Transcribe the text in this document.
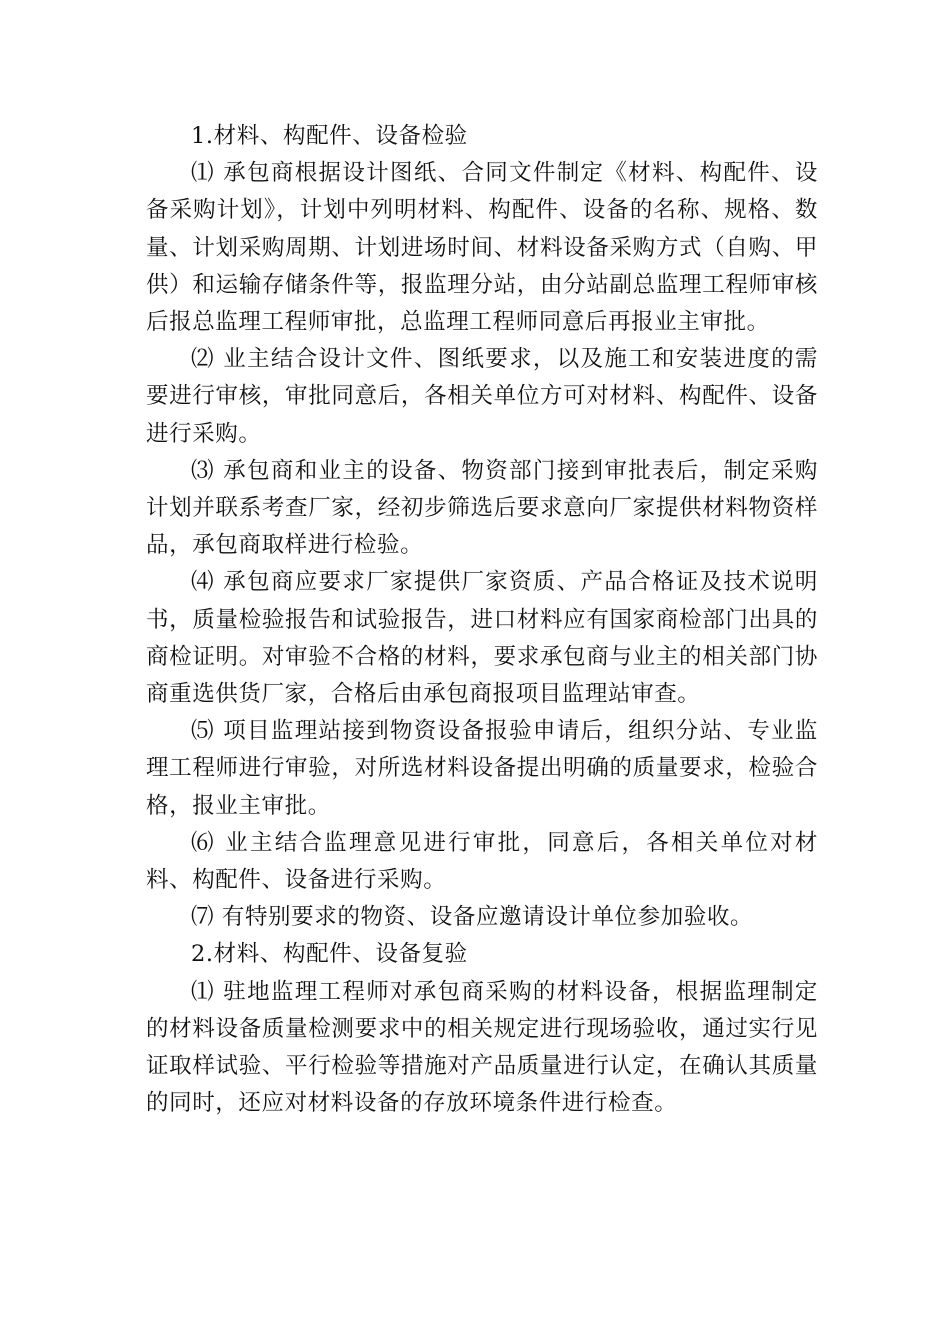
1.材料、构配件、设备检验

⑴ 承包商根据设计图纸、合同文件制定《材料、构配件、设备采购计划》，计划中列明材料、构配件、设备的名称、规格、数量、计划采购周期、计划进场时间、材料设备采购方式（自购、甲供）和运输存储条件等，报监理分站，由分站副总监理工程师审核后报总监理工程师审批，总监理工程师同意后再报业主审批。

⑵ 业主结合设计文件、图纸要求，以及施工和安装进度的需要进行审核，审批同意后，各相关单位方可对材料、构配件、设备进行采购。

⑶ 承包商和业主的设备、物资部门接到审批表后，制定采购计划并联系考查厂家，经初步筛选后要求意向厂家提供材料物资样品，承包商取样进行检验。

⑷ 承包商应要求厂家提供厂家资质、产品合格证及技术说明书，质量检验报告和试验报告，进口材料应有国家商检部门出具的商检证明。对审验不合格的材料，要求承包商与业主的相关部门协商重选供货厂家，合格后由承包商报项目监理站审查。

⑸ 项目监理站接到物资设备报验申请后，组织分站、专业监理工程师进行审验，对所选材料设备提出明确的质量要求，检验合格，报业主审批。

⑹ 业主结合监理意见进行审批，同意后，各相关单位对材料、构配件、设备进行采购。

⑺ 有特别要求的物资、设备应邀请设计单位参加验收。

2.材料、构配件、设备复验

⑴ 驻地监理工程师对承包商采购的材料设备，根据监理制定的材料设备质量检测要求中的相关规定进行现场验收，通过实行见证取样试验、平行检验等措施对产品质量进行认定，在确认其质量的同时，还应对材料设备的存放环境条件进行检查。
